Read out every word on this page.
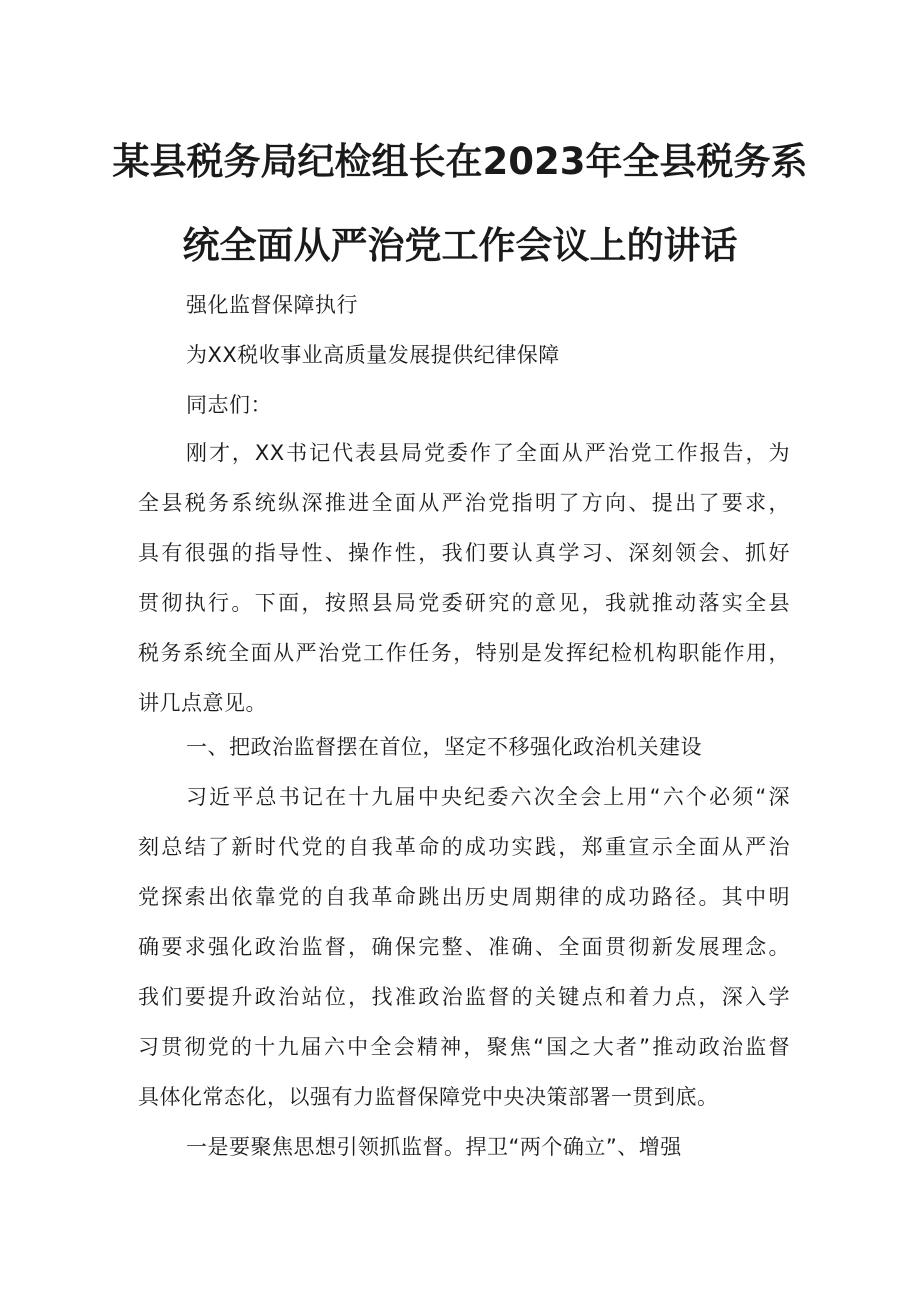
某县税务局纪检组长在2023年全县税务系
统全面从严治党工作会议上的讲话
强化监督保障执行
为XX税收事业高质量发展提供纪律保障
同志们：
刚才，XX书记代表县局党委作了全面从严治党工作报告，为
全县税务系统纵深推进全面从严治党指明了方向、提出了要求，
具有很强的指导性、操作性，我们要认真学习、深刻领会、抓好
贯彻执行。下面，按照县局党委研究的意见，我就推动落实全县
税务系统全面从严治党工作任务，特别是发挥纪检机构职能作用，
讲几点意见。
一、把政治监督摆在首位，坚定不移强化政治机关建设
习近平总书记在十九届中央纪委六次全会上用“六个必须“深
刻总结了新时代党的自我革命的成功实践，郑重宣示全面从严治
党探索出依靠党的自我革命跳出历史周期律的成功路径。其中明
确要求强化政治监督，确保完整、准确、全面贯彻新发展理念。
我们要提升政治站位，找准政治监督的关键点和着力点，深入学
习贯彻党的十九届六中全会精神，聚焦“国之大者”推动政治监督
具体化常态化，以强有力监督保障党中央决策部署一贯到底。
一是要聚焦思想引领抓监督。捍卫“两个确立”、增强
